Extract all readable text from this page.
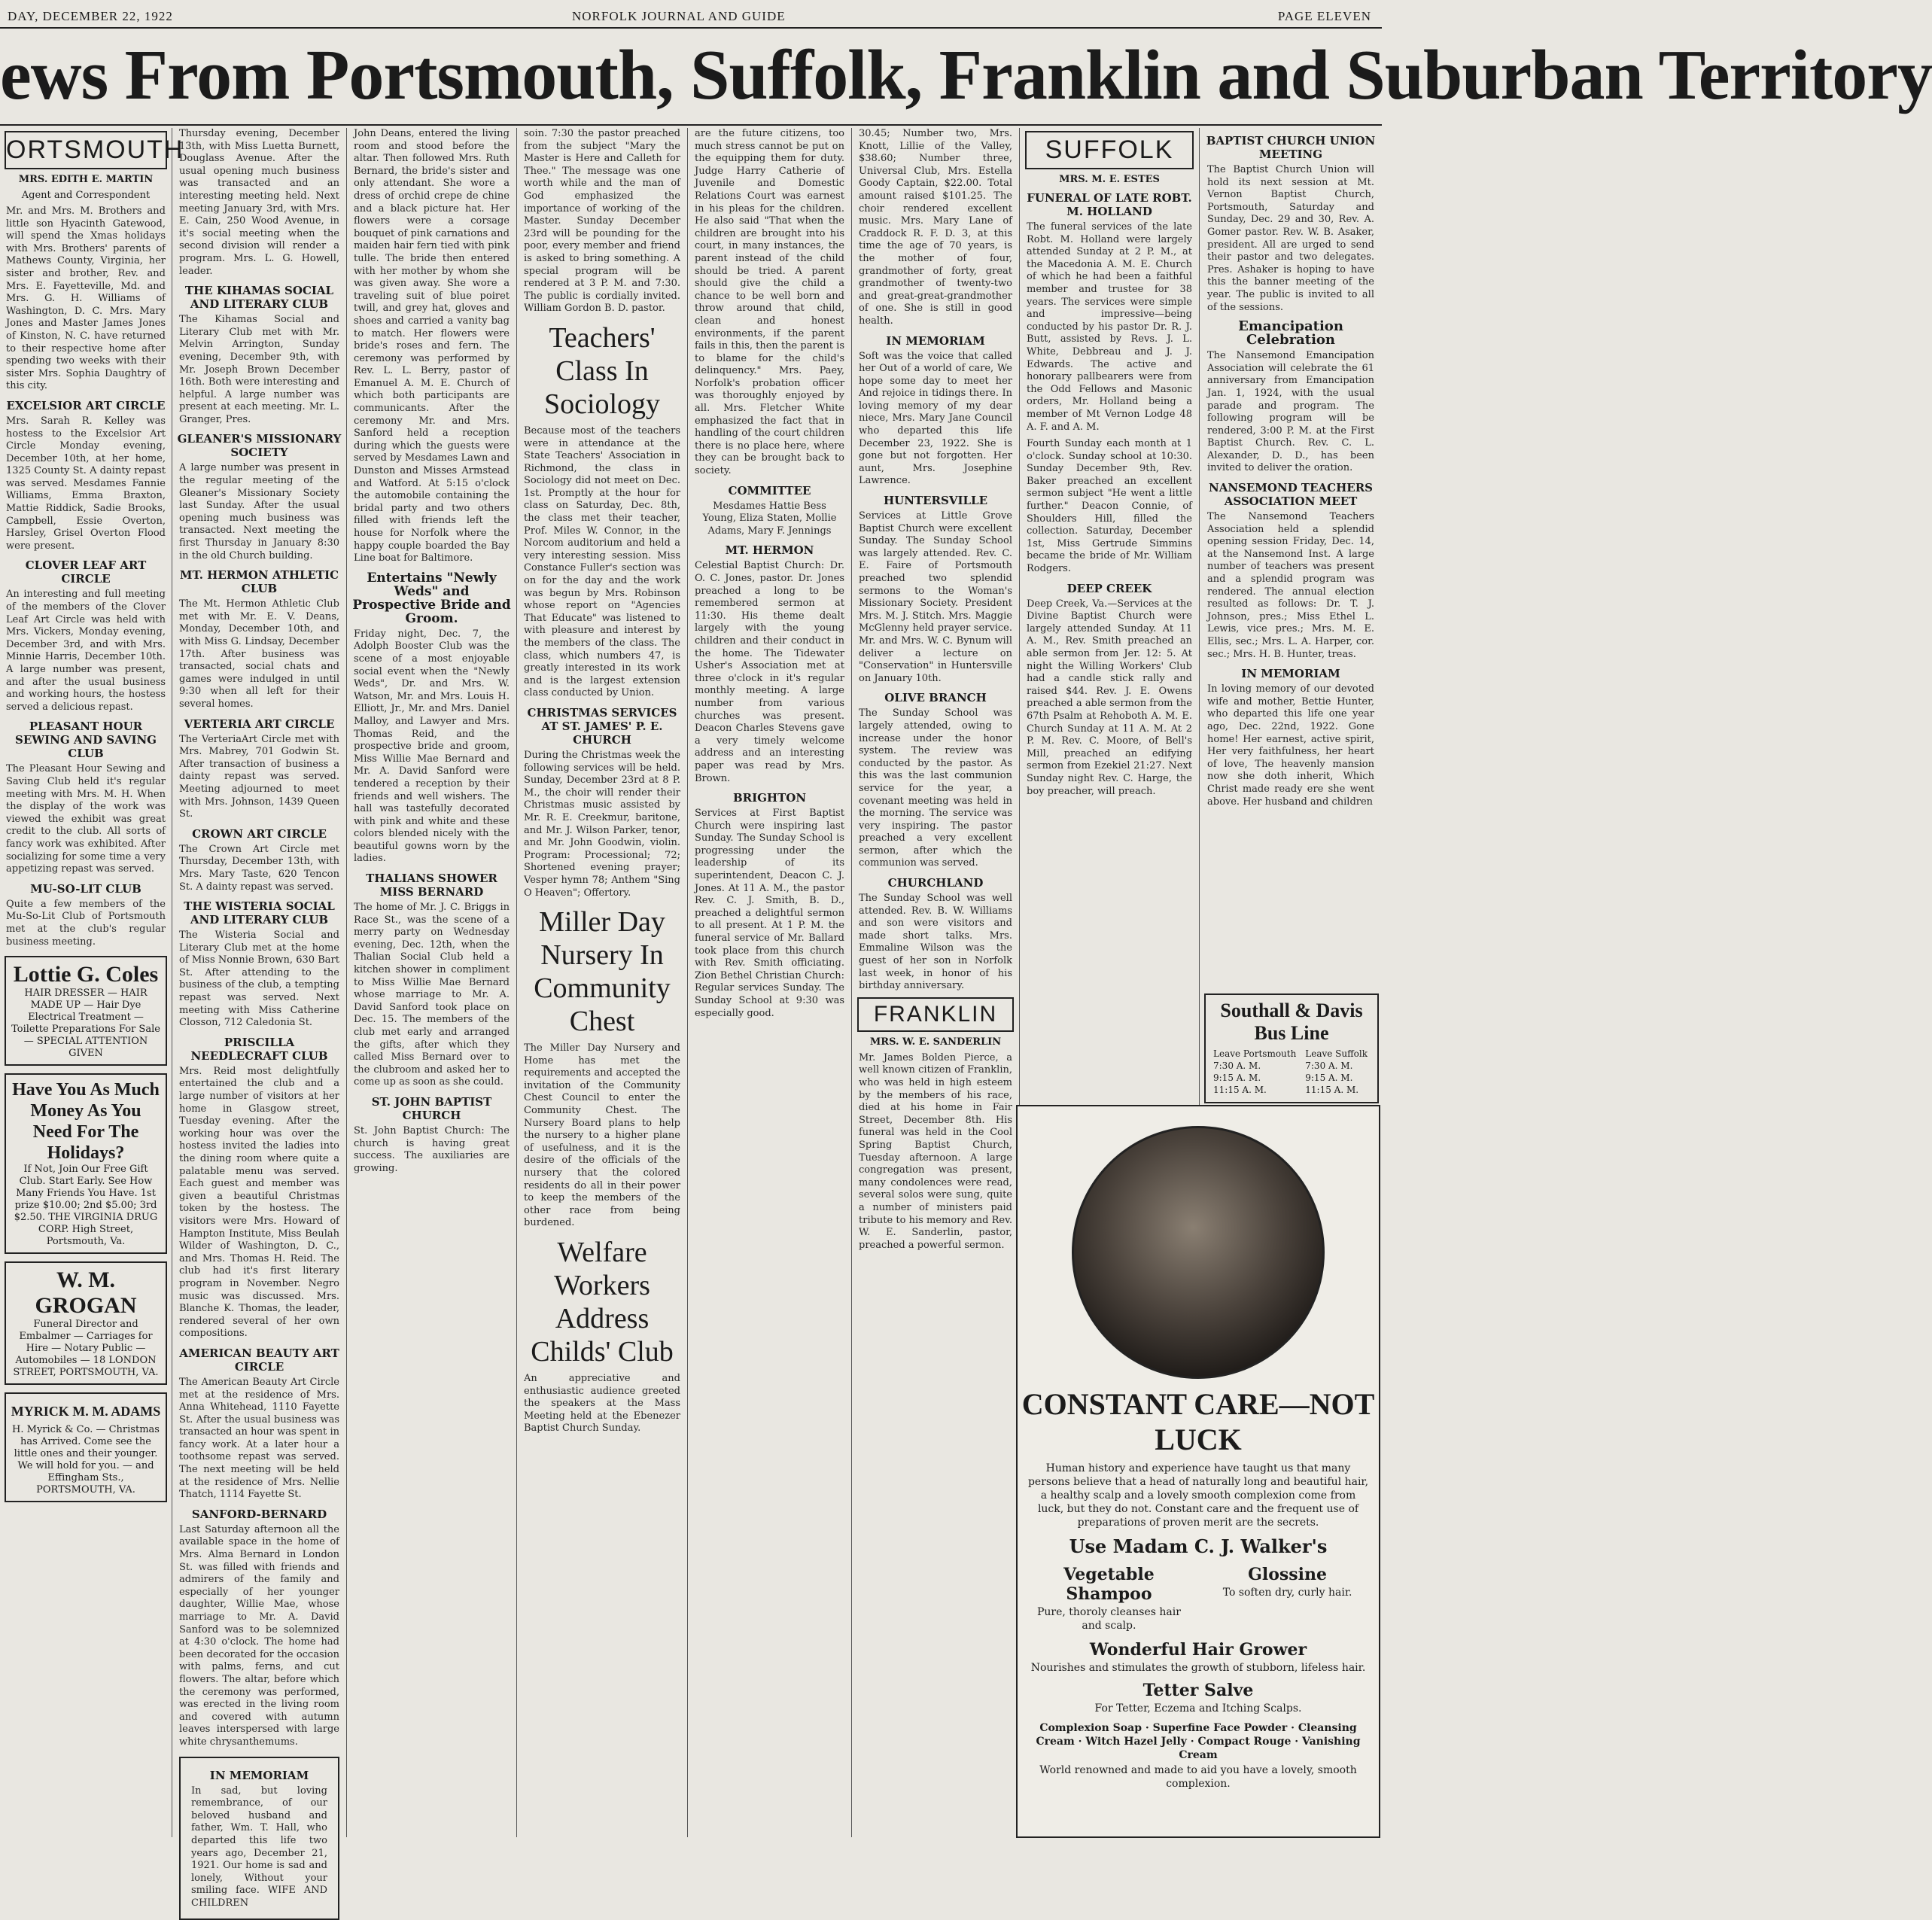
DAY, DECEMBER 22, 1922	NORFOLK JOURNAL AND GUIDE	PAGE ELEVEN
ews From Portsmouth, Suffolk, Franklin and Suburban Territory
ORTSMOUTH
MRS. EDITH E. MARTIN
Agent and Correspondent

Mr. and Mrs. M. Brothers and little son Hyacinth Gatewood, will spend the Xmas holidays with Mrs. Brothers' parents of Mathews County, Virginia, her sister and brother, Rev. and Mrs. E. Fayetteville, Md. and Mrs. G. H. Williams of Washington, D. C. Mrs. Mary Jones and Master James Jones of Kinston, N. C. have returned to their respective home after spending two weeks with their sister Mrs. Sophia Daughtry of this city.

EXCELSIOR ART CIRCLE

Mrs. Sarah R. Kelley was hostess to the Excelsior Art Circle Monday evening, December 10th, at her home, 1325 County St. A dainty repast was served. Mesdames Fannie Williams, Emma Braxton, Mattie Riddick, Sadie Brooks, Campbell, Essie Overton, Harsley, Grisel Overton Flood were present.

CLOVER LEAF ART CIRCLE

An interesting and full meeting of the members of the Clover Leaf Art Circle was held with Mrs. Vickers, Monday evening, December 3rd, and with Mrs. Minnie Harris, December 10th. A large number was present, and after the usual business and working hours, the hostess served a delicious repast.

PLEASANT HOUR SEWING AND SAVING CLUB

The Pleasant Hour Sewing and Saving Club held it's regular meeting with Mrs. M. H. When the display of the work was viewed the exhibit was great credit to the club. All sorts of fancy work was exhibited. After socializing for some time a very appetizing repast was served.

MU-SO-LIT CLUB

Quite a few members of the Mu-So-Lit Club of Portsmouth met at the club's regular business meeting.

Lottie G. Coles
HAIR DRESSER — HAIR MADE UP — Hair Dye Electrical Treatment — Toilette Preparations For Sale — SPECIAL ATTENTION GIVEN
Have You As Much Money As You Need For The Holidays?
If Not, Join Our Free Gift Club. Start Early. See How Many Friends You Have. 1st prize $10.00; 2nd $5.00; 3rd $2.50. THE VIRGINIA DRUG CORP. High Street, Portsmouth, Va.
W. M. GROGAN
Funeral Director and Embalmer — Carriages for Hire — Notary Public — Automobiles — 18 LONDON STREET, PORTSMOUTH, VA.
MYRICK M. M. ADAMS
H. Myrick & Co. — Christmas has Arrived. Come see the little ones and their younger. We will hold for you. — and Effingham Sts., PORTSMOUTH, VA.

Thursday evening, December 13th, with Miss Luetta Burnett, Douglass Avenue. After the usual opening much business was transacted and an interesting meeting held. Next meeting January 3rd, with Mrs. E. Cain, 250 Wood Avenue, in it's social meeting when the second division will render a program. Mrs. L. G. Howell, leader.

THE KIHAMAS SOCIAL AND LITERARY CLUB

The Kihamas Social and Literary Club met with Mr. Melvin Arrington, Sunday evening, December 9th, with Mr. Joseph Brown December 16th. Both were interesting and helpful. A large number was present at each meeting. Mr. L. Granger, Pres.

GLEANER'S MISSIONARY SOCIETY

A large number was present in the regular meeting of the Gleaner's Missionary Society last Sunday. After the usual opening much business was transacted. Next meeting the first Thursday in January 8:30 in the old Church building.

MT. HERMON ATHLETIC CLUB

The Mt. Hermon Athletic Club met with Mr. E. V. Deans, Monday, December 10th, and with Miss G. Lindsay, December 17th. After business was transacted, social chats and games were indulged in until 9:30 when all left for their several homes.

VERTERIA ART CIRCLE

The VerteriaArt Circle met with Mrs. Mabrey, 701 Godwin St. After transaction of business a dainty repast was served. Meeting adjourned to meet with Mrs. Johnson, 1439 Queen St.

CROWN ART CIRCLE

The Crown Art Circle met Thursday, December 13th, with Mrs. Mary Taste, 620 Tencon St. A dainty repast was served.

THE WISTERIA SOCIAL AND LITERARY CLUB

The Wisteria Social and Literary Club met at the home of Miss Nonnie Brown, 630 Bart St. After attending to the business of the club, a tempting repast was served. Next meeting with Miss Catherine Closson, 712 Caledonia St.

PRISCILLA NEEDLECRAFT CLUB

Mrs. Reid most delightfully entertained the club and a large number of visitors at her home in Glasgow street, Tuesday evening. After the working hour was over the hostess invited the ladies into the dining room where quite a palatable menu was served. Each guest and member was given a beautiful Christmas token by the hostess. The visitors were Mrs. Howard of Hampton Institute, Miss Beulah Wilder of Washington, D. C., and Mrs. Thomas H. Reid. The club had it's first literary program in November. Negro music was discussed. Mrs. Blanche K. Thomas, the leader, rendered several of her own compositions.

AMERICAN BEAUTY ART CIRCLE

The American Beauty Art Circle met at the residence of Mrs. Anna Whitehead, 1110 Fayette St. After the usual business was transacted an hour was spent in fancy work. At a later hour a toothsome repast was served. The next meeting will be held at the residence of Mrs. Nellie Thatch, 1114 Fayette St.

SANFORD-BERNARD

Last Saturday afternoon all the available space in the home of Mrs. Alma Bernard in London St. was filled with friends and admirers of the family and especially of her younger daughter, Willie Mae, whose marriage to Mr. A. David Sanford was to be solemnized at 4:30 o'clock. The home had been decorated for the occasion with palms, ferns, and cut flowers. The altar, before which the ceremony was performed, was erected in the living room and covered with autumn leaves interspersed with large white chrysanthemums.

IN MEMORIAM

In sad, but loving remembrance, of our beloved husband and father, Wm. T. Hall, who departed this life two years ago, December 21, 1921. Our home is sad and lonely, Without your smiling face. WIFE AND CHILDREN

John Deans, entered the living room and stood before the altar. Then followed Mrs. Ruth Bernard, the bride's sister and only attendant. She wore a dress of orchid crepe de chine and a black picture hat. Her flowers were a corsage bouquet of pink carnations and maiden hair fern tied with pink tulle. The bride then entered with her mother by whom she was given away. She wore a traveling suit of blue poiret twill, and grey hat, gloves and shoes and carried a vanity bag to match. Her flowers were bride's roses and fern. The ceremony was performed by Rev. L. L. Berry, pastor of Emanuel A. M. E. Church of which both participants are communicants. After the ceremony Mr. and Mrs. Sanford held a reception during which the guests were served by Mesdames Lawn and Dunston and Misses Armstead and Watford. At 5:15 o'clock the automobile containing the bridal party and two others filled with friends left the house for Norfolk where the happy couple boarded the Bay Line boat for Baltimore.

Entertains "Newly Weds" and Prospective Bride and Groom.

Friday night, Dec. 7, the Adolph Booster Club was the scene of a most enjoyable social event when the "Newly Weds", Dr. and Mrs. W. Watson, Mr. and Mrs. Louis H. Elliott, Jr., Mr. and Mrs. Daniel Malloy, and Lawyer and Mrs. Thomas Reid, and the prospective bride and groom, Miss Willie Mae Bernard and Mr. A. David Sanford were tendered a reception by their friends and well wishers. The hall was tastefully decorated with pink and white and these colors blended nicely with the beautiful gowns worn by the ladies.

THALIANS SHOWER MISS BERNARD

The home of Mr. J. C. Briggs in Race St., was the scene of a merry party on Wednesday evening, Dec. 12th, when the Thalian Social Club held a kitchen shower in compliment to Miss Willie Mae Bernard whose marriage to Mr. A. David Sanford took place on Dec. 15. The members of the club met early and arranged the gifts, after which they called Miss Bernard over to the clubroom and asked her to come up as soon as she could.

ST. JOHN BAPTIST CHURCH

St. John Baptist Church: The church is having great success. The auxiliaries are growing.

soin. 7:30 the pastor preached from the subject "Mary the Master is Here and Calleth for Thee." The message was one worth while and the man of God emphasized the importance of working of the Master. Sunday December 23rd will be pounding for the poor, every member and friend is asked to bring something. A special program will be rendered at 3 P. M. and 7:30. The public is cordially invited. William Gordon B. D. pastor.

Teachers' Class In Sociology

Because most of the teachers were in attendance at the State Teachers' Association in Richmond, the class in Sociology did not meet on Dec. 1st. Promptly at the hour for class on Saturday, Dec. 8th, the class met their teacher, Prof. Miles W. Connor, in the Norcom auditorium and held a very interesting session. Miss Constance Fuller's section was on for the day and the work was begun by Mrs. Robinson whose report on "Agencies That Educate" was listened to with pleasure and interest by the members of the class. The class, which numbers 47, is greatly interested in its work and is the largest extension class conducted by Union.

CHRISTMAS SERVICES AT ST. JAMES' P. E. CHURCH

During the Christmas week the following services will be held. Sunday, December 23rd at 8 P. M., the choir will render their Christmas music assisted by Mr. R. E. Creekmur, baritone, and Mr. J. Wilson Parker, tenor, and Mr. John Goodwin, violin. Program: Processional; 72; Shortened evening prayer; Vesper hymn 78; Anthem "Sing O Heaven"; Offertory.

Miller Day Nursery In Community Chest

The Miller Day Nursery and Home has met the requirements and accepted the invitation of the Community Chest Council to enter the Community Chest. The Nursery Board plans to help the nursery to a higher plane of usefulness, and it is the desire of the officials of the nursery that the colored residents do all in their power to keep the members of the other race from being burdened.

Welfare Workers Address Childs' Club

An appreciative and enthusiastic audience greeted the speakers at the Mass Meeting held at the Ebenezer Baptist Church Sunday.

are the future citizens, too much stress cannot be put on the equipping them for duty. Judge Harry Catherie of Juvenile and Domestic Relations Court was earnest in his pleas for the children. He also said "That when the children are brought into his court, in many instances, the parent instead of the child should be tried. A parent should give the child a chance to be well born and throw around that child, clean and honest environments, if the parent fails in this, then the parent is to blame for the child's delinquency." Mrs. Paey, Norfolk's probation officer was thoroughly enjoyed by all. Mrs. Fletcher White emphasized the fact that in handling of the court children there is no place here, where they can be brought back to society.

COMMITTEE

Mesdames Hattie Bess Young, Eliza Staten, Mollie Adams, Mary F. Jennings

MT. HERMON

Celestial Baptist Church: Dr. O. C. Jones, pastor. Dr. Jones preached a long to be remembered sermon at 11:30. His theme dealt largely with the young children and their conduct in the home. The Tidewater Usher's Association met at three o'clock in it's regular monthly meeting. A large number from various churches was present. Deacon Charles Stevens gave a very timely welcome address and an interesting paper was read by Mrs. Brown.

BRIGHTON

Services at First Baptist Church were inspiring last Sunday. The Sunday School is progressing under the leadership of its superintendent, Deacon C. J. Jones. At 11 A. M., the pastor Rev. C. J. Smith, B. D., preached a delightful sermon to all present. At 1 P. M. the funeral service of Mr. Ballard took place from this church with Rev. Smith officiating. Zion Bethel Christian Church: Regular services Sunday. The Sunday School at 9:30 was especially good.

30.45; Number two, Mrs. Knott, Lillie of the Valley, $38.60; Number three, Universal Club, Mrs. Estella Goody Captain, $22.00. Total amount raised $101.25. The choir rendered excellent music. Mrs. Mary Lane of Craddock R. F. D. 3, at this time the age of 70 years, is the mother of four, grandmother of forty, great grandmother of twenty-two and great-great-grandmother of one. She is still in good health.

IN MEMORIAM

Soft was the voice that called her Out of a world of care, We hope some day to meet her And rejoice in tidings there. In loving memory of my dear niece, Mrs. Mary Jane Council who departed this life December 23, 1922. She is gone but not forgotten. Her aunt, Mrs. Josephine Lawrence.

HUNTERSVILLE

Services at Little Grove Baptist Church were excellent Sunday. The Sunday School was largely attended. Rev. C. E. Faire of Portsmouth preached two splendid sermons to the Woman's Missionary Society. President Mrs. M. J. Stitch. Mrs. Maggie McGlenny held prayer service. Mr. and Mrs. W. C. Bynum will deliver a lecture on "Conservation" in Huntersville on January 10th.

OLIVE BRANCH

The Sunday School was largely attended, owing to increase under the honor system. The review was conducted by the pastor. As this was the last communion service for the year, a covenant meeting was held in the morning. The service was very inspiring. The pastor preached a very excellent sermon, after which the communion was served.

CHURCHLAND

The Sunday School was well attended. Rev. B. W. Williams and son were visitors and made short talks. Mrs. Emmaline Wilson was the guest of her son in Norfolk last week, in honor of his birthday anniversary.

FRANKLIN
MRS. W. E. SANDERLIN

Mr. James Bolden Pierce, a well known citizen of Franklin, who was held in high esteem by the members of his race, died at his home in Fair Street, December 8th. His funeral was held in the Cool Spring Baptist Church, Tuesday afternoon. A large congregation was present, many condolences were read, several solos were sung, quite a number of ministers paid tribute to his memory and Rev. W. E. Sanderlin, pastor, preached a powerful sermon.

SUFFOLK
MRS. M. E. ESTES
FUNERAL OF LATE ROBT. M. HOLLAND

The funeral services of the late Robt. M. Holland were largely attended Sunday at 2 P. M., at the Macedonia A. M. E. Church of which he had been a faithful member and trustee for 38 years. The services were simple and impressive—being conducted by his pastor Dr. R. J. Butt, assisted by Revs. J. L. White, Debbreau and J. J. Edwards. The active and honorary pallbearers were from the Odd Fellows and Masonic orders, Mr. Holland being a member of Mt Vernon Lodge 48 A. F. and A. M.

Fourth Sunday each month at 1 o'clock. Sunday school at 10:30. Sunday December 9th, Rev. Baker preached an excellent sermon subject "He went a little further." Deacon Connie, of Shoulders Hill, filled the collection. Saturday, December 1st, Miss Gertrude Simmins became the bride of Mr. William Rodgers.

DEEP CREEK

Deep Creek, Va.—Services at the Divine Baptist Church were largely attended Sunday. At 11 A. M., Rev. Smith preached an able sermon from Jer. 12: 5. At night the Willing Workers' Club had a candle stick rally and raised $44. Rev. J. E. Owens preached a able sermon from the 67th Psalm at Rehoboth A. M. E. Church Sunday at 11 A. M. At 2 P. M. Rev. C. Moore, of Bell's Mill, preached an edifying sermon from Ezekiel 21:27. Next Sunday night Rev. C. Harge, the boy preacher, will preach.

BAPTIST CHURCH UNION MEETING

The Baptist Church Union will hold its next session at Mt. Vernon Baptist Church, Portsmouth, Saturday and Sunday, Dec. 29 and 30, Rev. A. Gomer pastor. Rev. W. B. Asaker, president. All are urged to send their pastor and two delegates. Pres. Ashaker is hoping to have this the banner meeting of the year. The public is invited to all of the sessions.

Emancipation Celebration

The Nansemond Emancipation Association will celebrate the 61 anniversary from Emancipation Jan. 1, 1924, with the usual parade and program. The following program will be rendered, 3:00 P. M. at the First Baptist Church. Rev. C. L. Alexander, D. D., has been invited to deliver the oration.

NANSEMOND TEACHERS ASSOCIATION MEET

The Nansemond Teachers Association held a splendid opening session Friday, Dec. 14, at the Nansemond Inst. A large number of teachers was present and a splendid program was rendered. The annual election resulted as follows: Dr. T. J. Johnson, pres.; Miss Ethel L. Lewis, vice pres.; Mrs. M. E. Ellis, sec.; Mrs. L. A. Harper, cor. sec.; Mrs. H. B. Hunter, treas.

IN MEMORIAM

In loving memory of our devoted wife and mother, Bettie Hunter, who departed this life one year ago, Dec. 22nd, 1922. Gone home! Her earnest, active spirit, Her very faithfulness, her heart of love, The heavenly mansion now she doth inherit, Which Christ made ready ere she went above. Her husband and children

Southall & Davis Bus Line
Leave Portsmouth	Leave Suffolk
7:30 A. M.	7:30 A. M.
9:15 A. M.	9:15 A. M.
11:15 A. M.	11:15 A. M.
CONSTANT CARE—NOT LUCK
Human history and experience have taught us that many persons believe that a head of naturally long and beautiful hair, a healthy scalp and a lovely smooth complexion come from luck, but they do not. Constant care and the frequent use of preparations of proven merit are the secrets.
Use Madam C. J. Walker's
Vegetable Shampoo
Pure, thoroly cleanses hair and scalp.
Glossine
To soften dry, curly hair.
Wonderful Hair Grower
Nourishes and stimulates the growth of stubborn, lifeless hair.
Tetter Salve
For Tetter, Eczema and Itching Scalps.
Complexion Soap · Superfine Face Powder · Cleansing Cream · Witch Hazel Jelly · Compact Rouge · Vanishing Cream
World renowned and made to aid you have a lovely, smooth complexion.
